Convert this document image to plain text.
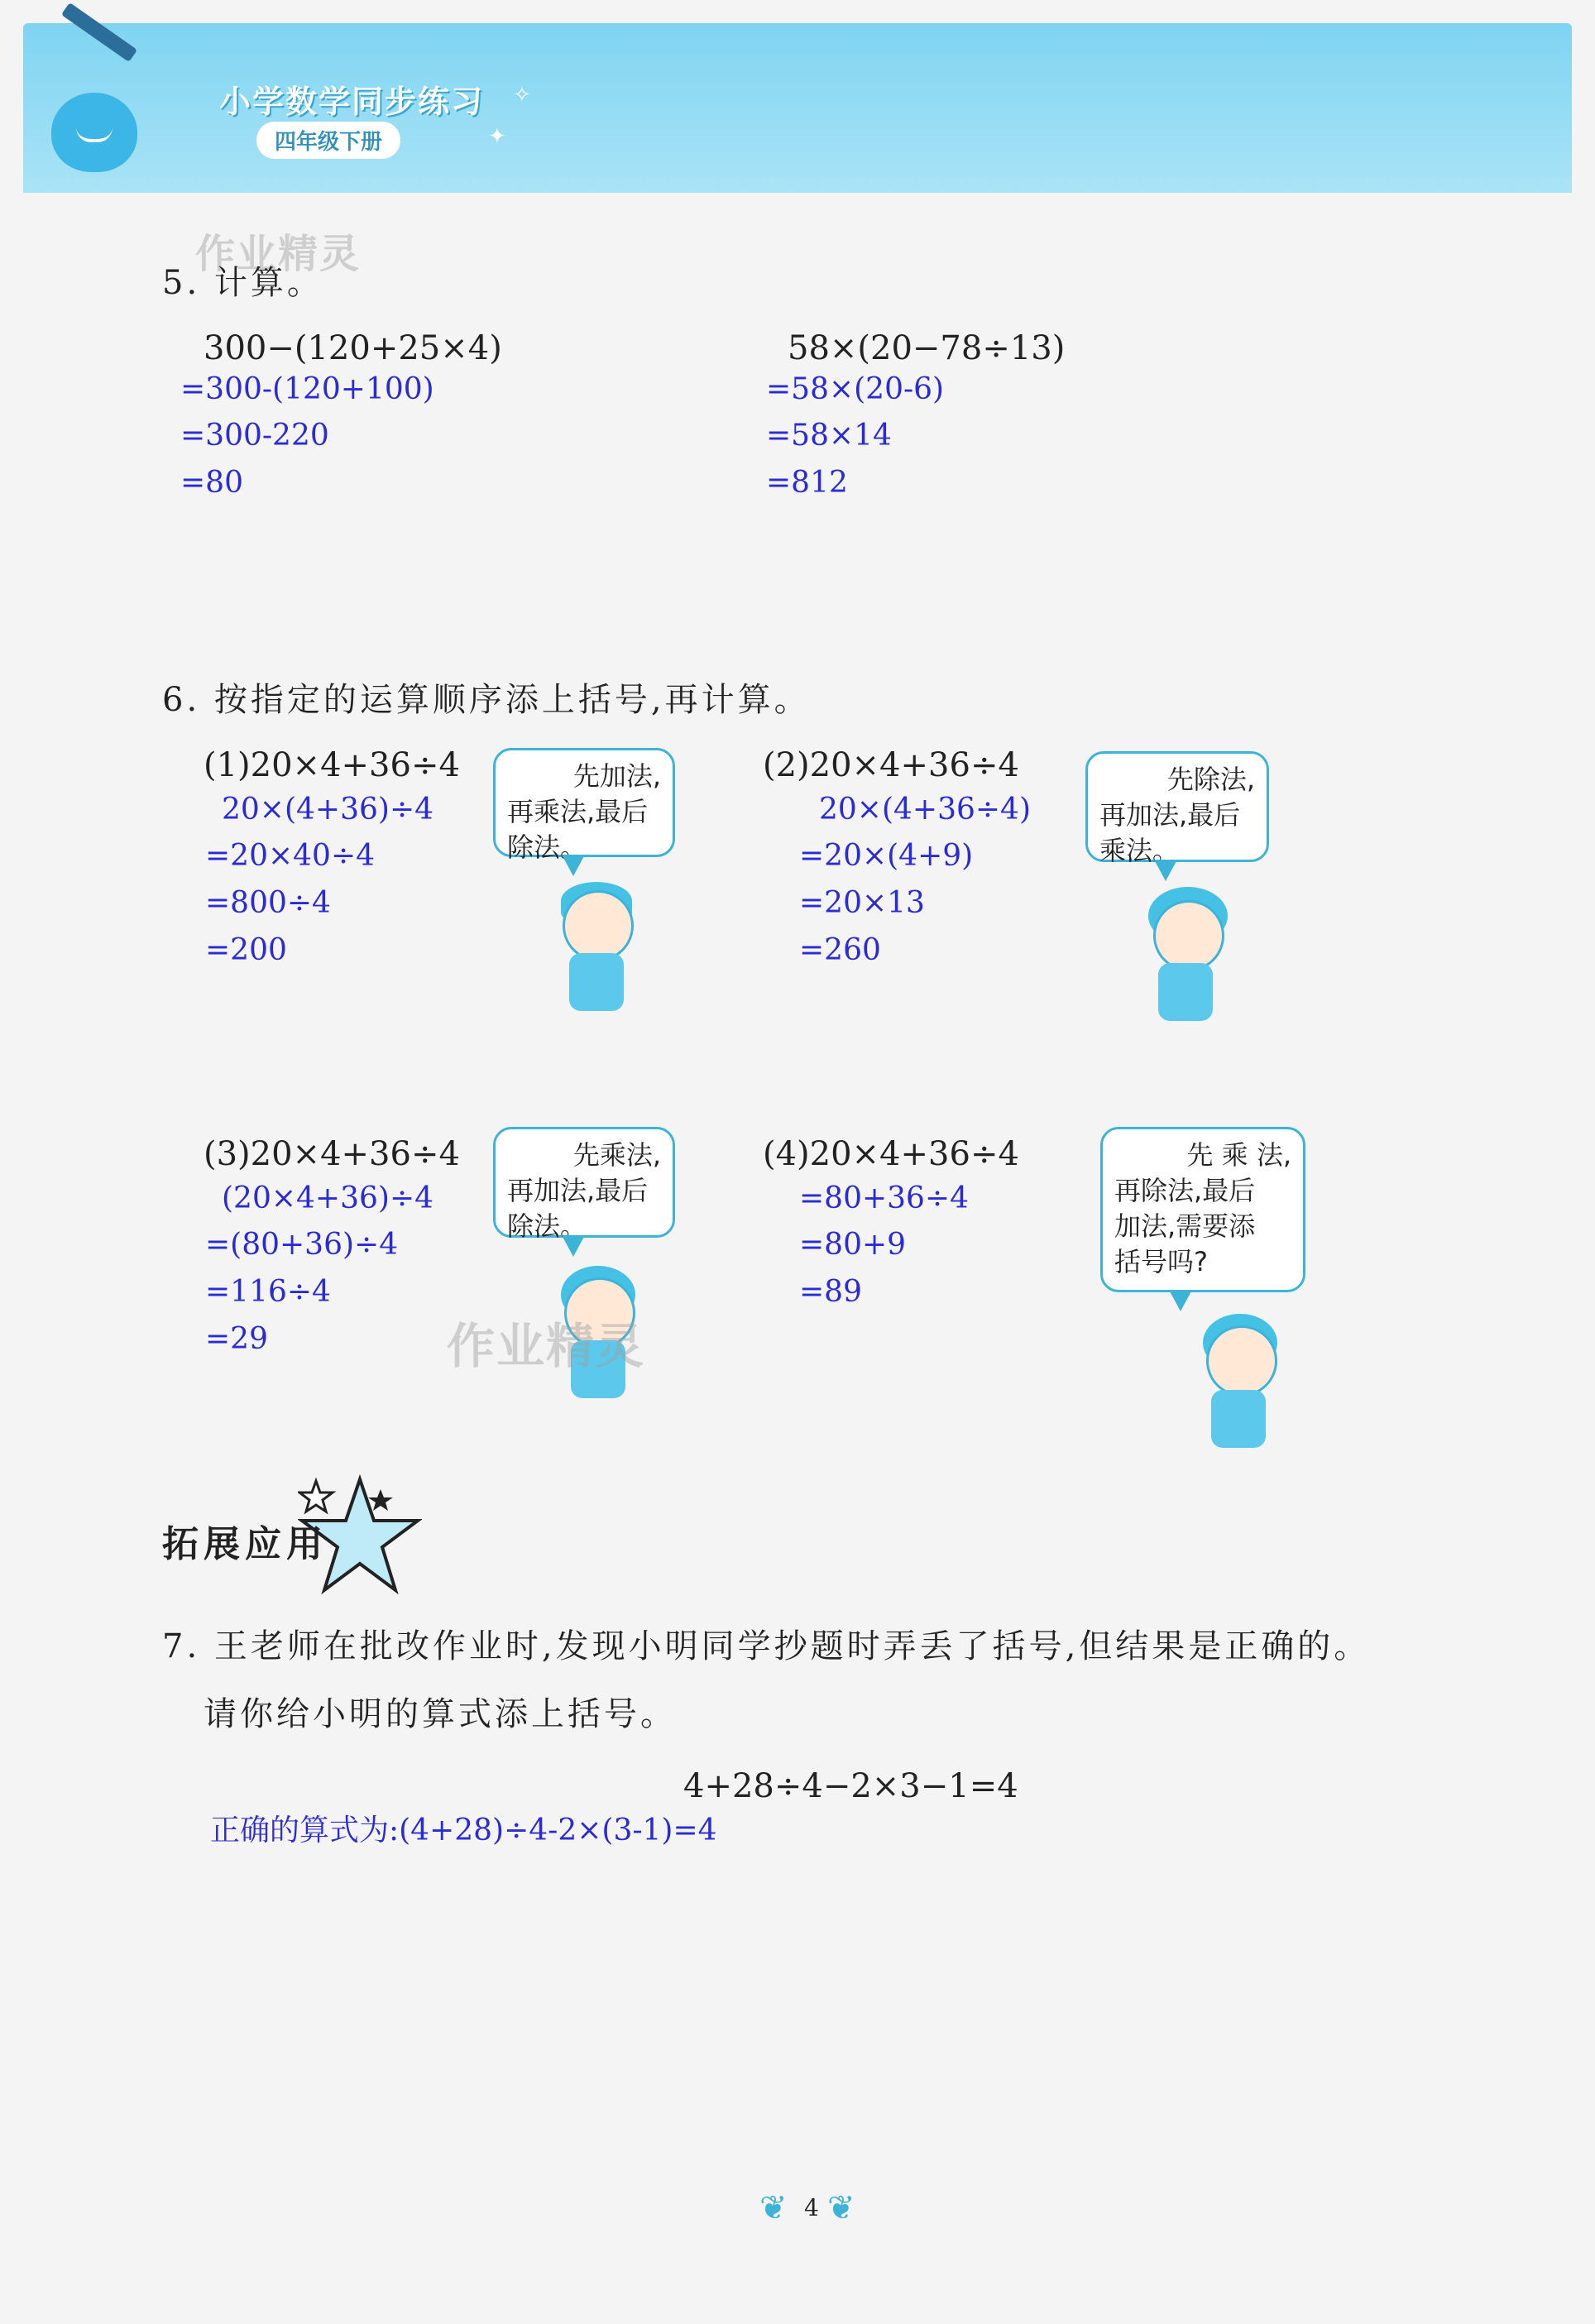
✦
✧
小学数学同步练习
四年级下册
作业精灵
5. 计算。
300−(120+25×4)
=300-(120+100)
=300-220
=80
58×(20−78÷13)
=58×(20-6)
=58×14
=812
6. 按指定的运算顺序添上括号,再计算。
(1)20×4+36÷4
20×(4+36)÷4
=20×40÷4
=800÷4
=200
先加法,
再乘法,最后
除法。
(2)20×4+36÷4
20×(4+36÷4)
=20×(4+9)
=20×13
=260
先除法,
再加法,最后
乘法。
(3)20×4+36÷4
(20×4+36)÷4
=(80+36)÷4
=116÷4
=29
先乘法,
再加法,最后
除法。
作业精灵
(4)20×4+36÷4
=80+36÷4
=80+9
=89
先 乘 法,
再除法,最后
加法,需要添
括号吗?
拓展应用
7. 王老师在批改作业时,发现小明同学抄题时弄丢了括号,但结果是正确的。
请你给小明的算式添上括号。
4+28÷4−2×3−1=4
正确的算式为:(4+28)÷4-2×(3-1)=4
❦ 4 ❦
